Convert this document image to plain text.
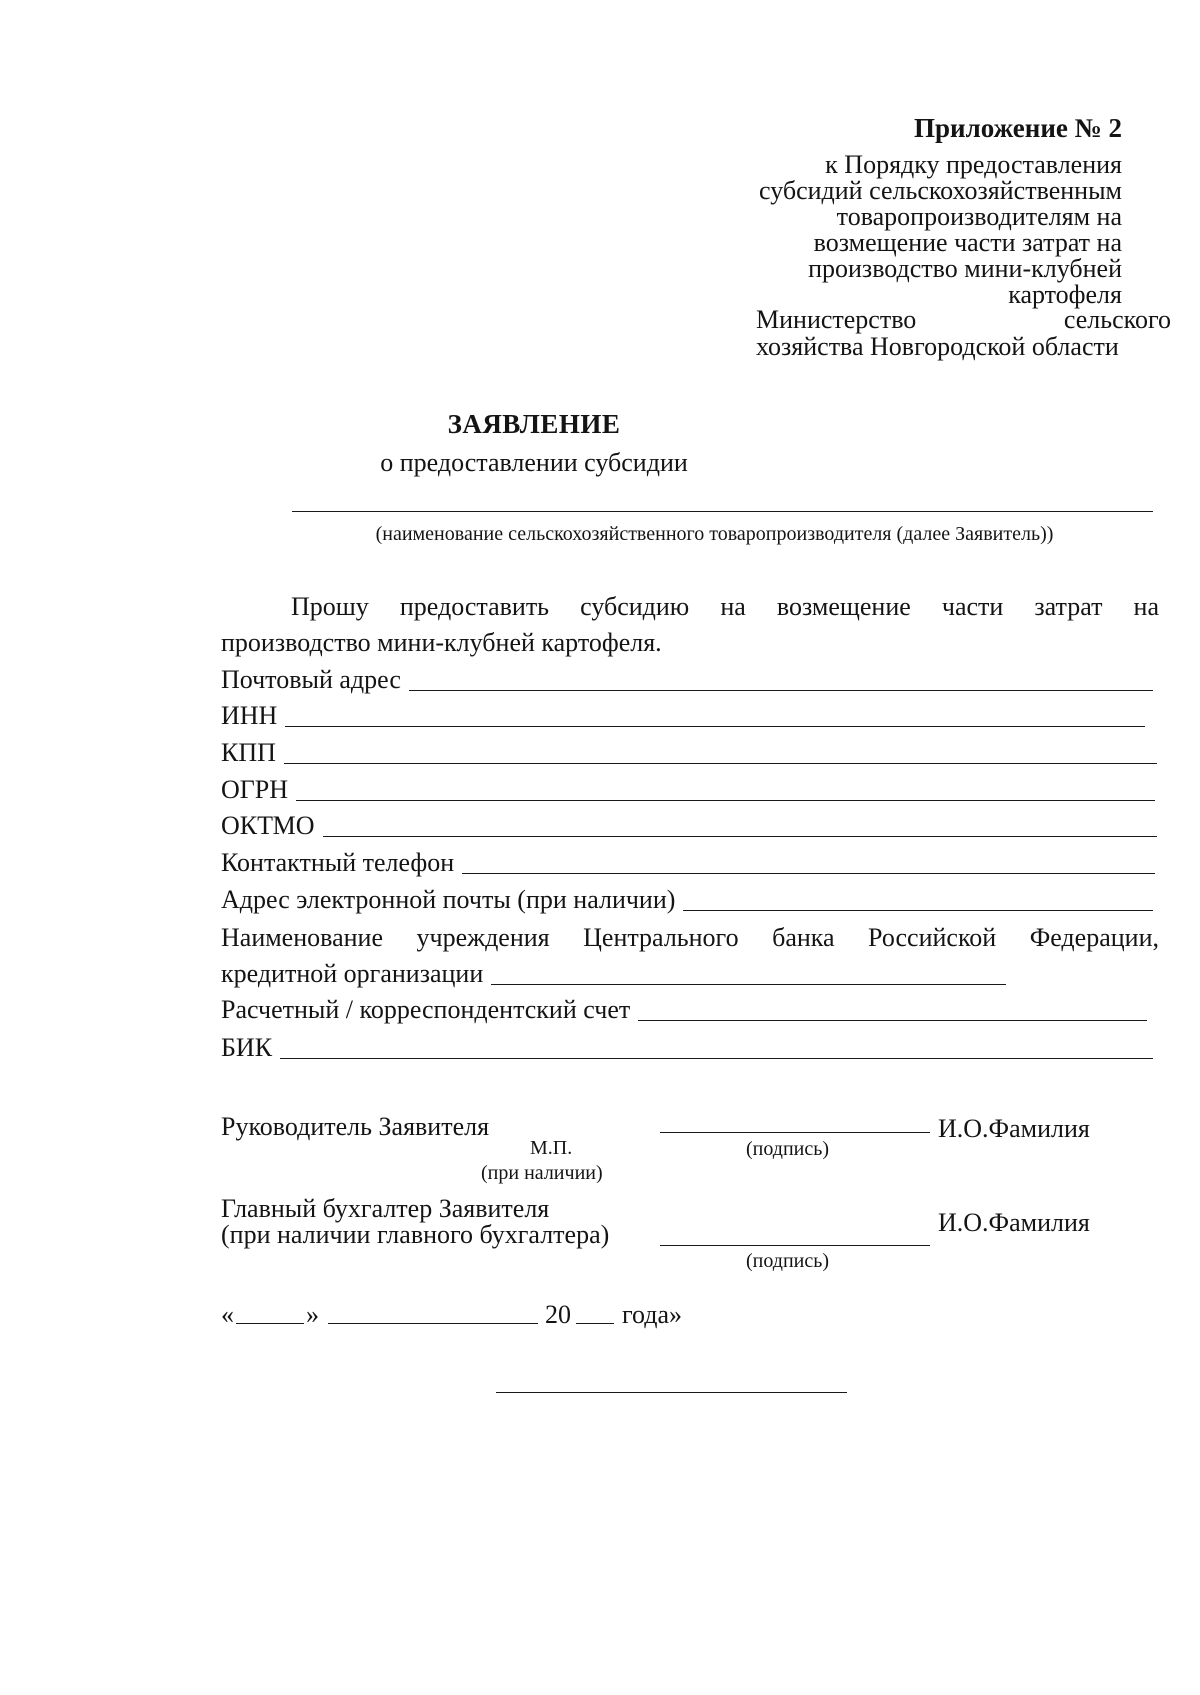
Приложение № 2
к Порядку предоставления
субсидий сельскохозяйственным
товаропроизводителям на
возмещение части затрат на
производство мини-клубней
картофеля
Министерство	сельского
хозяйства Новгородской области
ЗАЯВЛЕНИЕ
о предоставлении субсидии
(наименование сельскохозяйственного товаропроизводителя (далее Заявитель))
Прошу предоставить субсидию на возмещение части затрат на
производство мини-клубней картофеля.
Почтовый адрес
ИНН
КПП
ОГРН
ОКТМО
Контактный телефон
Адрес электронной почты (при наличии)
Наименование учреждения Центрального банка Российской Федерации,
кредитной организации
Расчетный / корреспондентский счет
БИК
Руководитель Заявителя	И.О.Фамилия
М.П.	(подпись)
(при наличии)
Главный бухгалтер Заявителя
(при наличии главного бухгалтера)	И.О.Фамилия
(подпись)
«	»	20 года»
